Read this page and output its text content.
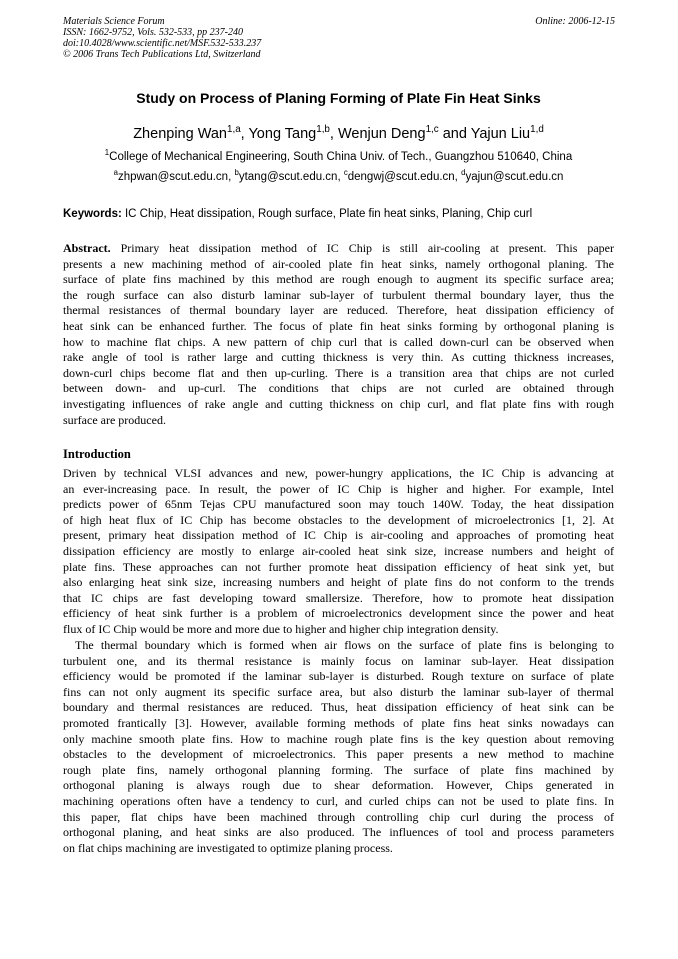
Materials Science Forum
ISSN: 1662-9752, Vols. 532-533, pp 237-240
doi:10.4028/www.scientific.net/MSF.532-533.237
© 2006 Trans Tech Publications Ltd, Switzerland
Online: 2006-12-15
Study on Process of Planing Forming of Plate Fin Heat Sinks
Zhenping Wan$^{1,a}$, Yong Tang$^{1,b}$, Wenjun Deng$^{1,c}$ and Yajun Liu$^{1,d}$
$^1$College of Mechanical Engineering, South China Univ. of Tech., Guangzhou 510640, China
$^a$zhpwan@scut.edu.cn, $^b$ytang@scut.edu.cn, $^c$dengwj@scut.edu.cn, $^d$yajun@scut.edu.cn
Keywords: IC Chip, Heat dissipation, Rough surface, Plate fin heat sinks, Planing, Chip curl
Abstract. Primary heat dissipation method of IC Chip is still air-cooling at present. This paper
presents a new machining method of air-cooled plate fin heat sinks, namely orthogonal planing. The
surface of plate fins machined by this method are rough enough to augment its specific surface area;
the rough surface can also disturb laminar sub-layer of turbulent thermal boundary layer, thus the
thermal resistances of thermal boundary layer are reduced. Therefore, heat dissipation efficiency of
heat sink can be enhanced further. The focus of plate fin heat sinks forming by orthogonal planing is
how to machine flat chips. A new pattern of chip curl that is called down-curl can be observed when
rake angle of tool is rather large and cutting thickness is very thin. As cutting thickness increases,
down-curl chips become flat and then up-curling. There is a transition area that chips are not curled
between down- and up-curl. The conditions that chips are not curled are obtained through
investigating influences of rake angle and cutting thickness on chip curl, and flat plate fins with rough
surface are produced.
Introduction
Driven by technical VLSI advances and new, power-hungry applications, the IC Chip is advancing at
an ever-increasing pace. In result, the power of IC Chip is higher and higher. For example, Intel
predicts power of 65nm Tejas CPU manufactured soon may touch 140W. Today, the heat dissipation
of high heat flux of IC Chip has become obstacles to the development of microelectronics [1, 2]. At
present, primary heat dissipation method of IC Chip is air-cooling and approaches of promoting heat
dissipation efficiency are mostly to enlarge air-cooled heat sink size, increase numbers and height of
plate fins. These approaches can not further promote heat dissipation efficiency of heat sink yet, but
also enlarging heat sink size, increasing numbers and height of plate fins do not conform to the trends
that IC chips are fast developing toward smallersize. Therefore, how to promote heat dissipation
efficiency of heat sink further is a problem of microelectronics development since the power and heat
flux of IC Chip would be more and more due to higher and higher chip integration density.
The thermal boundary which is formed when air flows on the surface of plate fins is belonging to
turbulent one, and its thermal resistance is mainly focus on laminar sub-layer. Heat dissipation
efficiency would be promoted if the laminar sub-layer is disturbed. Rough texture on surface of plate
fins can not only augment its specific surface area, but also disturb the laminar sub-layer of thermal
boundary and thermal resistances are reduced. Thus, heat dissipation efficiency of heat sink can be
promoted frantically [3]. However, available forming methods of plate fins heat sinks nowadays can
only machine smooth plate fins. How to machine rough plate fins is the key question about removing
obstacles to the development of microelectronics. This paper presents a new method to machine
rough plate fins, namely orthogonal planning forming. The surface of plate fins machined by
orthogonal planing is always rough due to shear deformation. However, Chips generated in
machining operations often have a tendency to curl, and curled chips can not be used to plate fins. In
this paper, flat chips have been machined through controlling chip curl during the process of
orthogonal planing, and heat sinks are also produced. The influences of tool and process parameters
on flat chips machining are investigated to optimize planing process.
